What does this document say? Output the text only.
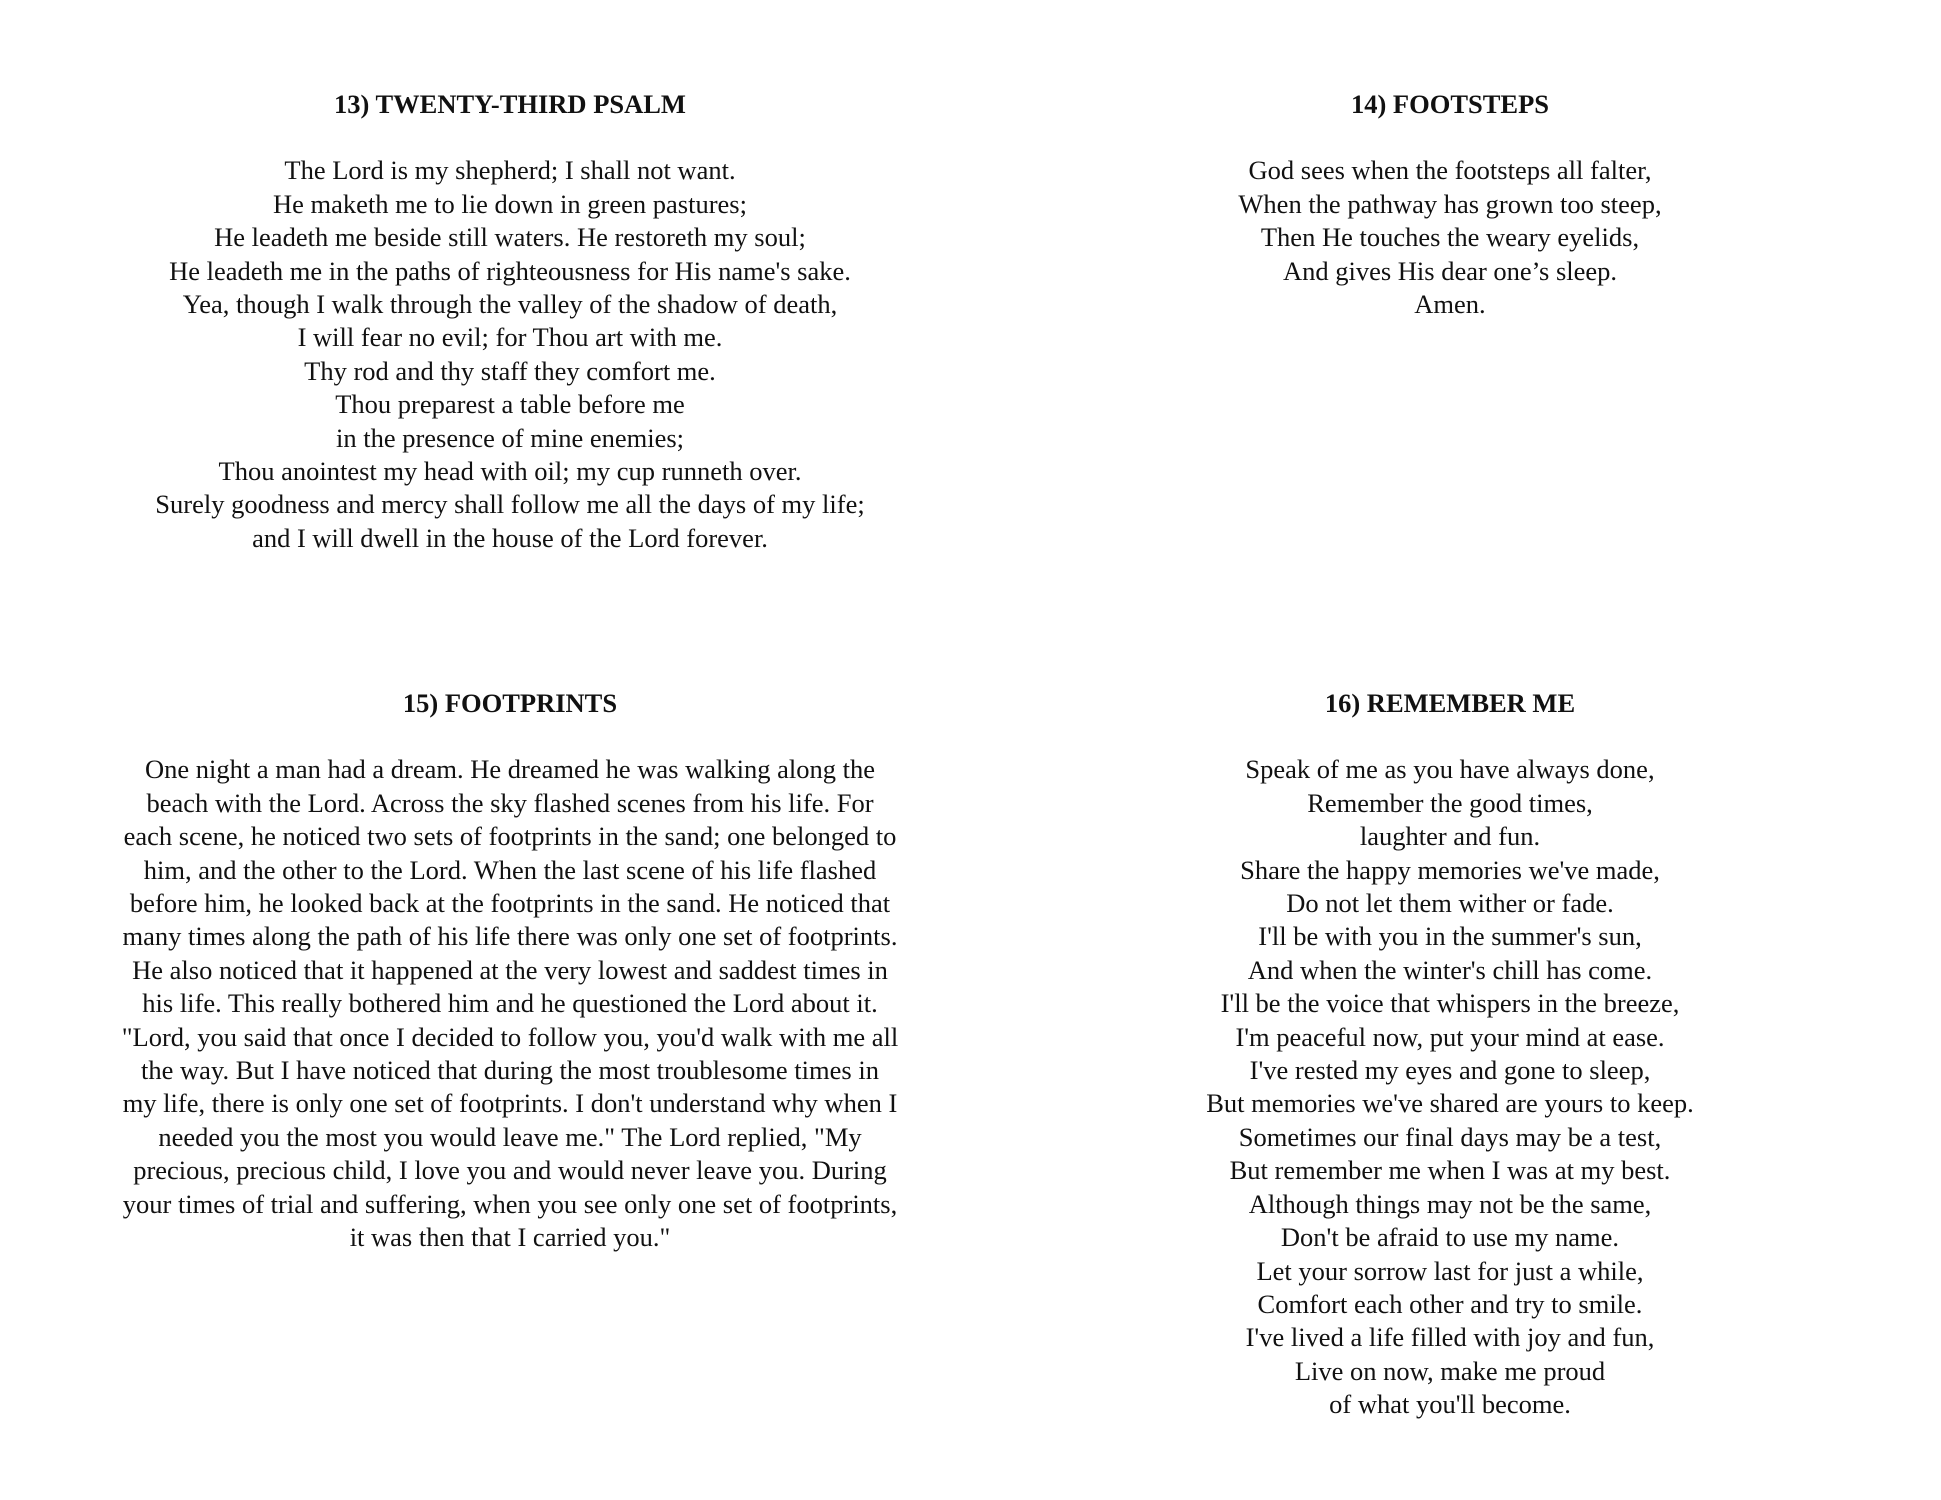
13) TWENTY-THIRD PSALM
The Lord is my shepherd; I shall not want.
He maketh me to lie down in green pastures;
He leadeth me beside still waters. He restoreth my soul;
He leadeth me in the paths of righteousness for His name's sake.
Yea, though I walk through the valley of the shadow of death,
I will fear no evil; for Thou art with me.
Thy rod and thy staff they comfort me.
Thou preparest a table before me
in the presence of mine enemies;
Thou anointest my head with oil; my cup runneth over.
Surely goodness and mercy shall follow me all the days of my life;
and I will dwell in the house of the Lord forever.
14) FOOTSTEPS
God sees when the footsteps all falter,
When the pathway has grown too steep,
Then He touches the weary eyelids,
And gives His dear one’s sleep.
Amen.
15) FOOTPRINTS
One night a man had a dream. He dreamed he was walking along the
beach with the Lord. Across the sky flashed scenes from his life. For
each scene, he noticed two sets of footprints in the sand; one belonged to
him, and the other to the Lord. When the last scene of his life flashed
before him, he looked back at the footprints in the sand. He noticed that
many times along the path of his life there was only one set of footprints.
He also noticed that it happened at the very lowest and saddest times in
his life. This really bothered him and he questioned the Lord about it.
"Lord, you said that once I decided to follow you, you'd walk with me all
the way. But I have noticed that during the most troublesome times in
my life, there is only one set of footprints. I don't understand why when I
needed you the most you would leave me." The Lord replied, "My
precious, precious child, I love you and would never leave you. During
your times of trial and suffering, when you see only one set of footprints,
it was then that I carried you."
16) REMEMBER ME
Speak of me as you have always done,
Remember the good times,
laughter and fun.
Share the happy memories we've made,
Do not let them wither or fade.
I'll be with you in the summer's sun,
And when the winter's chill has come.
I'll be the voice that whispers in the breeze,
I'm peaceful now, put your mind at ease.
I've rested my eyes and gone to sleep,
But memories we've shared are yours to keep.
Sometimes our final days may be a test,
But remember me when I was at my best.
Although things may not be the same,
Don't be afraid to use my name.
Let your sorrow last for just a while,
Comfort each other and try to smile.
I've lived a life filled with joy and fun,
Live on now, make me proud
of what you'll become.
